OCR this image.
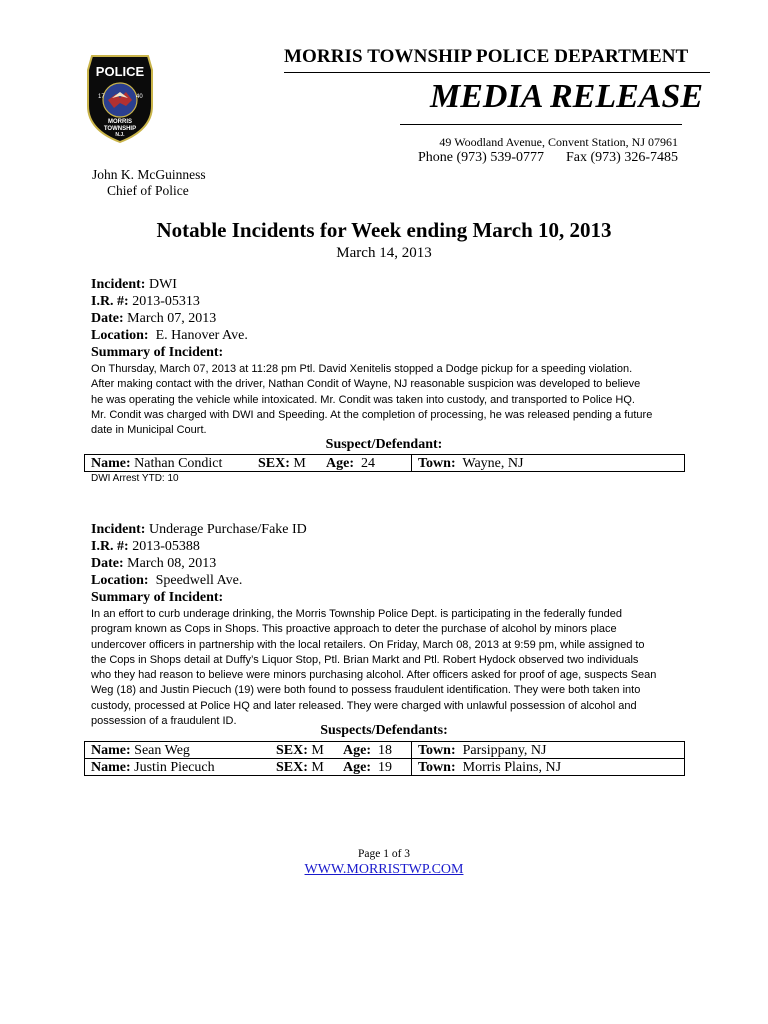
POLICE
17	40
MORRIS
TOWNSHIP
N.J.
MORRIS TOWNSHIP POLICE DEPARTMENT
MEDIA RELEASE
49 Woodland Avenue, Convent Station, NJ 07961
Phone (973) 539-0777 Fax (973) 326-7485
John K. McGuinness
Chief of Police
Notable Incidents for Week ending March 10, 2013
March 14, 2013
Incident: DWI
I.R. #: 2013-05313
Date: March 07, 2013
Location: E. Hanover Ave.
Summary of Incident:
On Thursday, March 07, 2013 at 11:28 pm Ptl. David Xenitelis stopped a Dodge pickup for a speeding violation.
After making contact with the driver, Nathan Condit of Wayne, NJ reasonable suspicion was developed to believe
he was operating the vehicle while intoxicated. Mr. Condit was taken into custody, and transported to Police HQ.
Mr. Condit was charged with DWI and Speeding. At the completion of processing, he was released pending a future
date in Municipal Court.
Suspect/Defendant:
Name: Nathan Condict	SEX: M Age: 24	Town: Wayne, NJ
DWI Arrest YTD: 10
Incident: Underage Purchase/Fake ID
I.R. #: 2013-05388
Date: March 08, 2013
Location: Speedwell Ave.
Summary of Incident:
In an effort to curb underage drinking, the Morris Township Police Dept. is participating in the federally funded
program known as Cops in Shops. This proactive approach to deter the purchase of alcohol by minors place
undercover officers in partnership with the local retailers. On Friday, March 08, 2013 at 9:59 pm, while assigned to
the Cops in Shops detail at Duffy’s Liquor Stop, Ptl. Brian Markt and Ptl. Robert Hydock observed two individuals
who they had reason to believe were minors purchasing alcohol. After officers asked for proof of age, suspects Sean
Weg (18) and Justin Piecuch (19) were both found to possess fraudulent identification. They were both taken into
custody, processed at Police HQ and later released. They were charged with unlawful possession of alcohol and
possession of a fraudulent ID.
Suspects/Defendants:
Name: Sean Weg SEX: M Age: 18	Town: Parsippany, NJ
Name: Justin Piecuch SEX: M Age: 19	Town: Morris Plains, NJ
Page 1 of 3
WWW.MORRISTWP.COM
